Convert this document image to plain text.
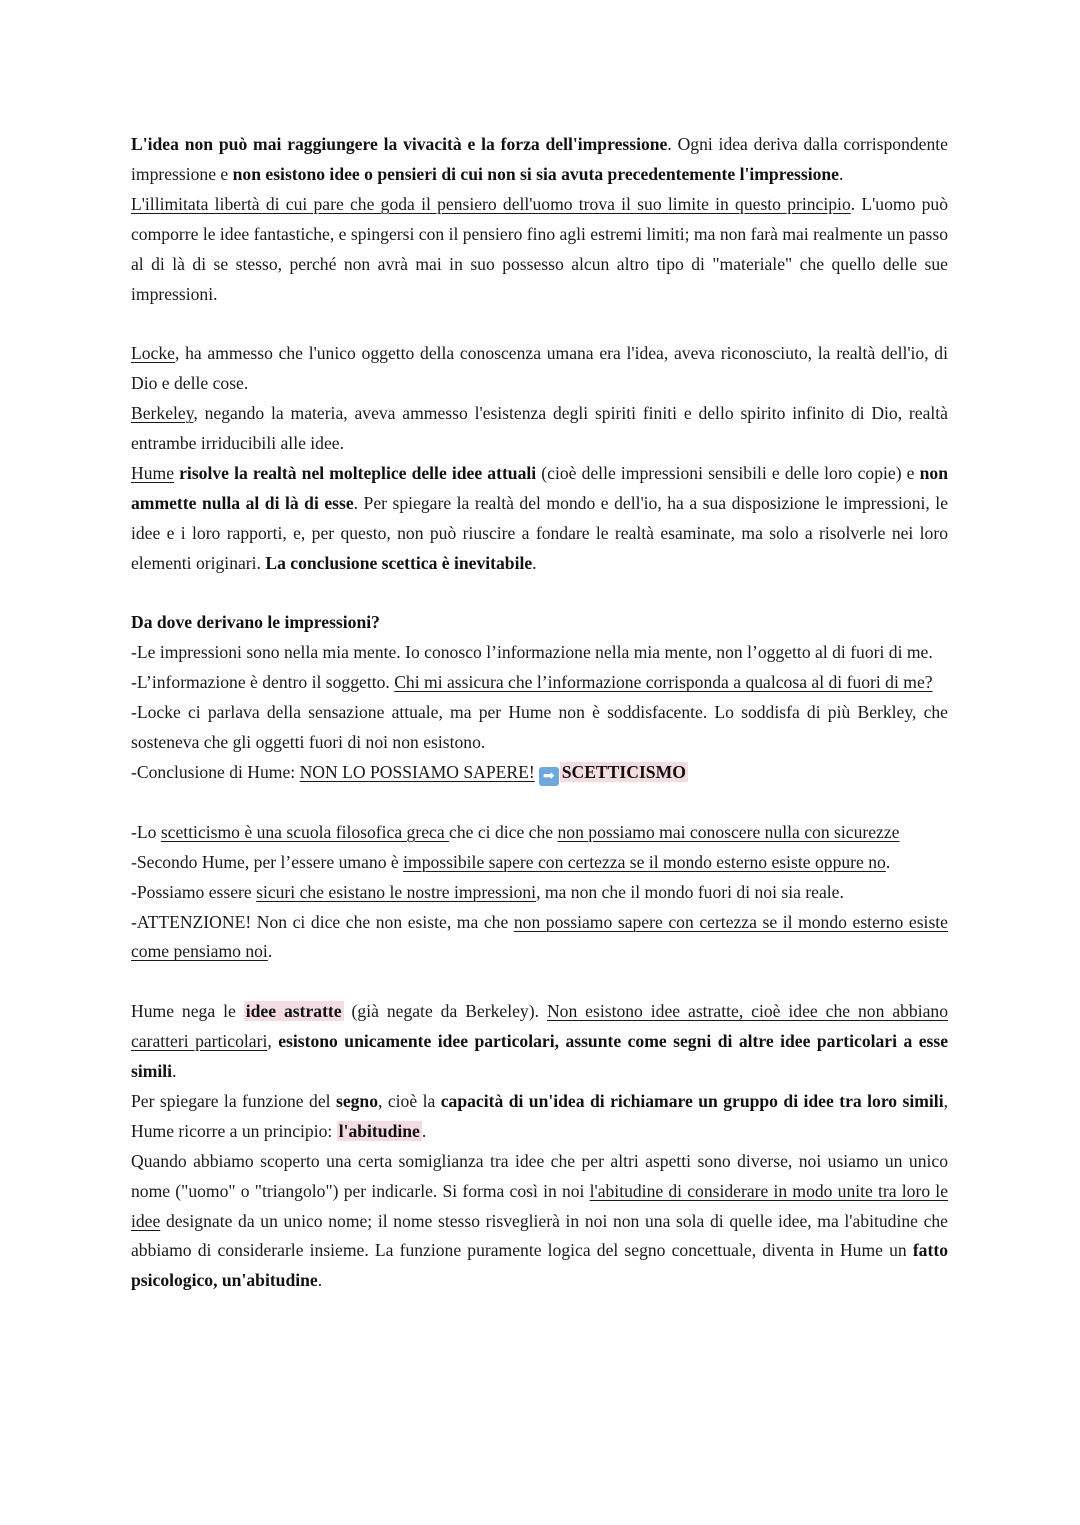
L'idea non può mai raggiungere la vivacità e la forza dell'impressione. Ogni idea deriva dalla corrispondente impressione e non esistono idee o pensieri di cui non si sia avuta precedentemente l'impressione.

L'illimitata libertà di cui pare che goda il pensiero dell'uomo trova il suo limite in questo principio. L'uomo può comporre le idee fantastiche, e spingersi con il pensiero fino agli estremi limiti; ma non farà mai realmente un passo al di là di se stesso, perché non avrà mai in suo possesso alcun altro tipo di "materiale" che quello delle sue impressioni.

Locke, ha ammesso che l'unico oggetto della conoscenza umana era l'idea, aveva riconosciuto, la realtà dell'io, di Dio e delle cose.

Berkeley, negando la materia, aveva ammesso l'esistenza degli spiriti finiti e dello spirito infinito di Dio, realtà entrambe irriducibili alle idee.

Hume risolve la realtà nel molteplice delle idee attuali (cioè delle impressioni sensibili e delle loro copie) e non ammette nulla al di là di esse. Per spiegare la realtà del mondo e dell'io, ha a sua disposizione le impressioni, le idee e i loro rapporti, e, per questo, non può riuscire a fondare le realtà esaminate, ma solo a risolverle nei loro elementi originari. La conclusione scettica è inevitabile.

Da dove derivano le impressioni?

-Le impressioni sono nella mia mente. Io conosco l’informazione nella mia mente, non l’oggetto al di fuori di me.

-L’informazione è dentro il soggetto. Chi mi assicura che l’informazione corrisponda a qualcosa al di fuori di me?

-Locke ci parlava della sensazione attuale, ma per Hume non è soddisfacente. Lo soddisfa di più Berkley, che sosteneva che gli oggetti fuori di noi non esistono.

-Conclusione di Hume: NON LO POSSIAMO SAPERE! ➡ SCETTICISMO

-Lo scetticismo è una scuola filosofica greca che ci dice che non possiamo mai conoscere nulla con sicurezze

-Secondo Hume, per l’essere umano è impossibile sapere con certezza se il mondo esterno esiste oppure no.

-Possiamo essere sicuri che esistano le nostre impressioni, ma non che il mondo fuori di noi sia reale.

-ATTENZIONE! Non ci dice che non esiste, ma che non possiamo sapere con certezza se il mondo esterno esiste come pensiamo noi.

Hume nega le idee astratte (già negate da Berkeley). Non esistono idee astratte, cioè idee che non abbiano caratteri particolari, esistono unicamente idee particolari, assunte come segni di altre idee particolari a esse simili.

Per spiegare la funzione del segno, cioè la capacità di un'idea di richiamare un gruppo di idee tra loro simili, Hume ricorre a un principio: l'abitudine .

Quando abbiamo scoperto una certa somiglianza tra idee che per altri aspetti sono diverse, noi usiamo un unico nome ("uomo" o "triangolo") per indicarle. Si forma così in noi l'abitudine di considerare in modo unite tra loro le idee designate da un unico nome; il nome stesso risveglierà in noi non una sola di quelle idee, ma l'abitudine che abbiamo di considerarle insieme. La funzione puramente logica del segno concettuale, diventa in Hume un fatto psicologico, un'abitudine.
